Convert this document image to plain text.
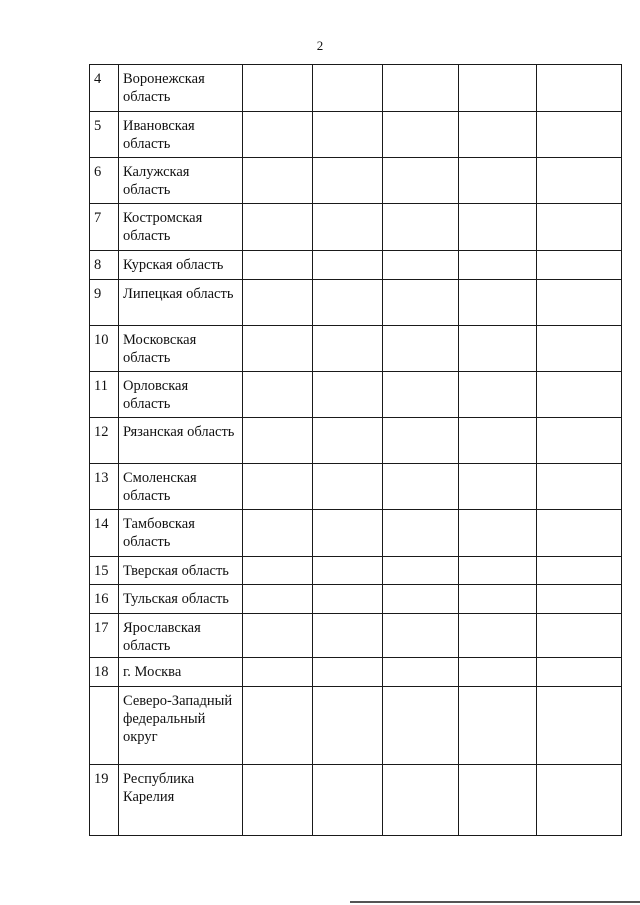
2
4	Воронежская область					
5	Ивановская область					
6	Калужская область					
7	Костромская область					
8	Курская область					
9	Липецкая область					
10	Московская область					
11	Орловская область					
12	Рязанская область					
13	Смоленская область					
14	Тамбовская область					
15	Тверская область					
16	Тульская область					
17	Ярославская область					
18	г. Москва					
	Северо-Западный федеральный округ					
19	Республика Карелия					
